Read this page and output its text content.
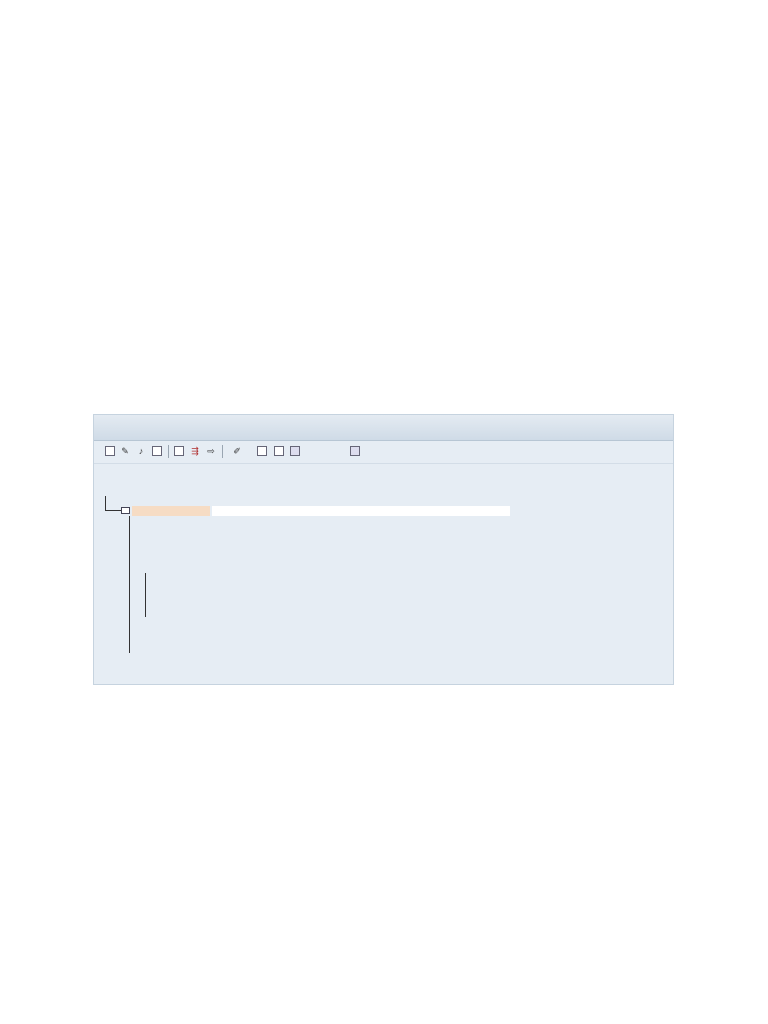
✎	♪	⇶ ⇨ ✐
